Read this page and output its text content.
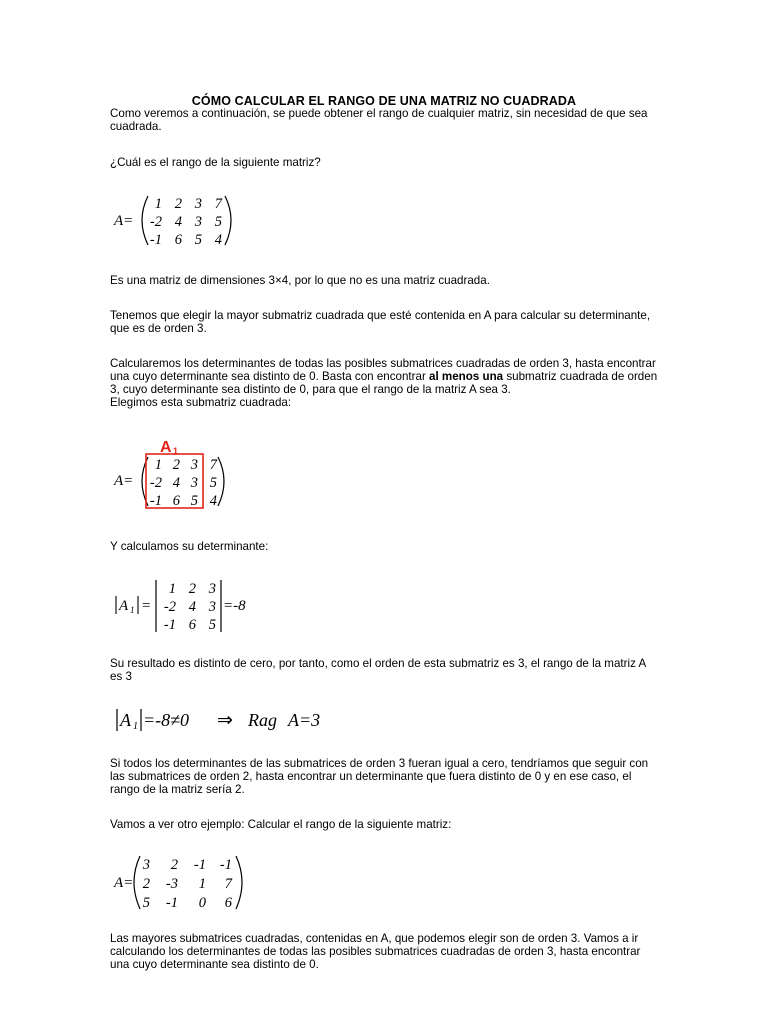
CÓMO CALCULAR EL RANGO DE UNA MATRIZ NO CUADRADA

Como veremos a continuación, se puede obtener el rango de cualquier matriz, sin necesidad de que sea cuadrada.

¿Cuál es el rango de la siguiente matriz?

A=
1 2 3 7
-2 4 3 5
-1 6 5 4

Es una matriz de dimensiones 3×4, por lo que no es una matriz cuadrada.

Tenemos que elegir la mayor submatriz cuadrada que esté contenida en A para calcular su determinante, que es de orden 3.

Calcularemos los determinantes de todas las posibles submatrices cuadradas de orden 3, hasta encontrar una cuyo determinante sea distinto de 0. Basta con encontrar al menos una submatriz cuadrada de orden 3, cuyo determinante sea distinto de 0, para que el rango de la matriz A sea 3.

Elegimos esta submatriz cuadrada:

A 1
A=
1 2 3 7
-2 4 3 5
-1 6 5 4

Y calculamos su determinante:

A 1 =
1 2 3
-2 4 3
-1 6 5
=-8

Su resultado es distinto de cero, por tanto, como el orden de esta submatriz es 3, el rango de la matriz A es 3

A 1 =-8≠0 ⇒ Rag A=3

Si todos los determinantes de las submatrices de orden 3 fueran igual a cero, tendríamos que seguir con las submatrices de orden 2, hasta encontrar un determinante que fuera distinto de 0 y en ese caso, el rango de la matriz sería 2.

Vamos a ver otro ejemplo: Calcular el rango de la siguiente matriz:

A=
3 2 -1 -1
2 -3 1 7
5 -1 0 6

Las mayores submatrices cuadradas, contenidas en A, que podemos elegir son de orden 3. Vamos a ir calculando los determinantes de todas las posibles submatrices cuadradas de orden 3, hasta encontrar una cuyo determinante sea distinto de 0.
